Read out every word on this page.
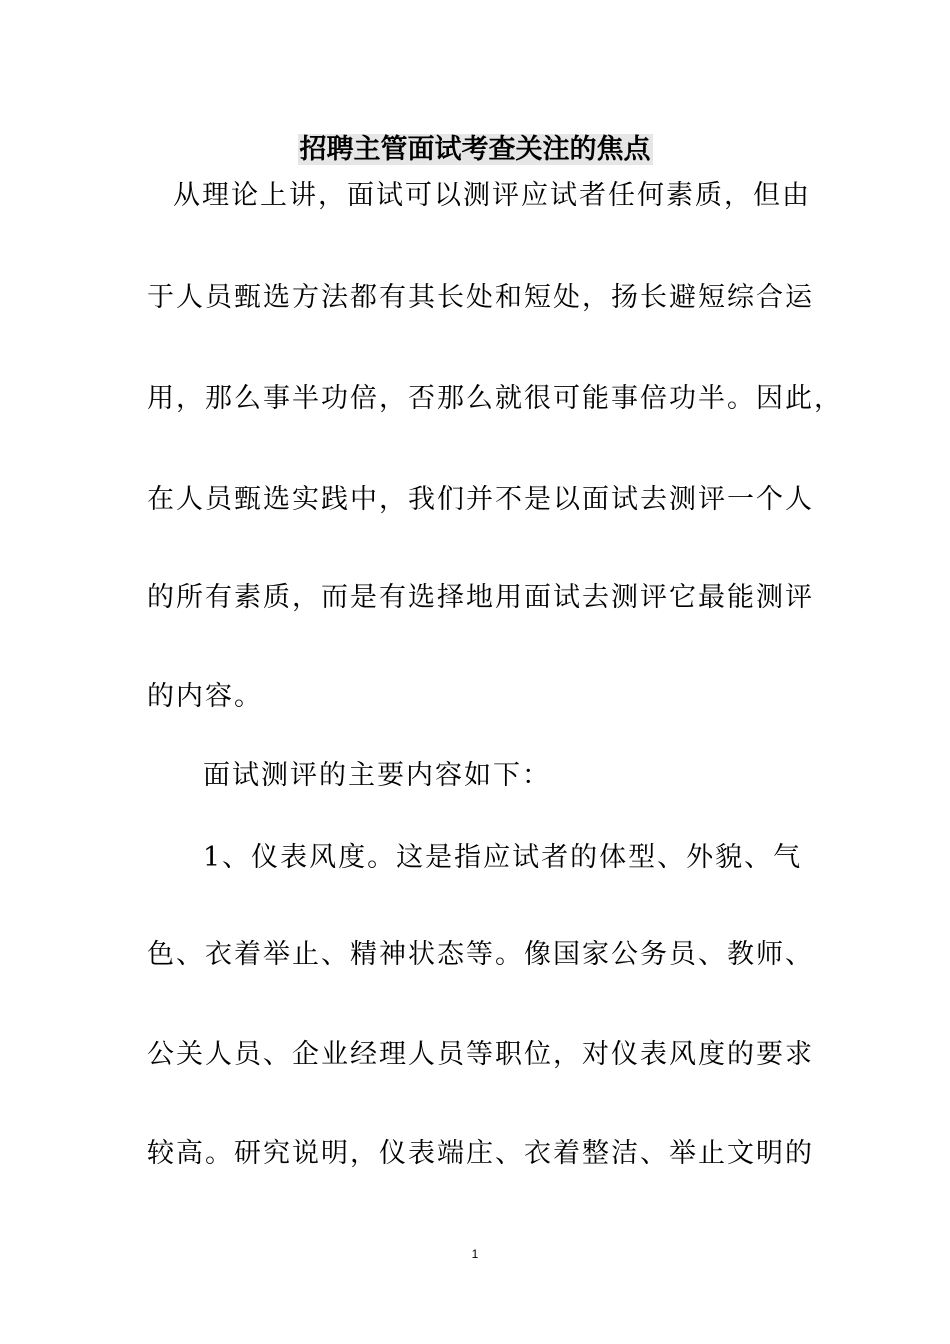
招聘主管面试考查关注的焦点
从理论上讲，面试可以测评应试者任何素质，但由
于人员甄选方法都有其长处和短处，扬长避短综合运
用，那么事半功倍，否那么就很可能事倍功半。因此，
在人员甄选实践中，我们并不是以面试去测评一个人
的所有素质，而是有选择地用面试去测评它最能测评
的内容。
面试测评的主要内容如下：
1、仪表风度。这是指应试者的体型、外貌、气
色、衣着举止、精神状态等。像国家公务员、教师、
公关人员、企业经理人员等职位，对仪表风度的要求
较高。研究说明，仪表端庄、衣着整洁、举止文明的
1
